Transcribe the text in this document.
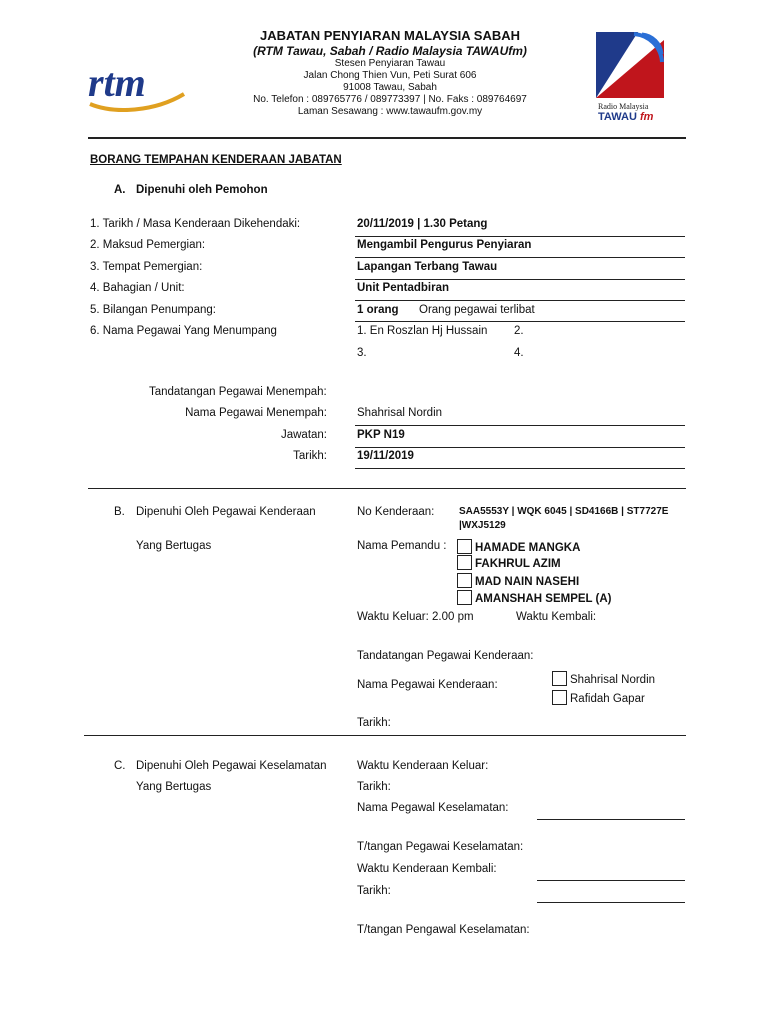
rtm
JABATAN PENYIARAN MALAYSIA SABAH
(RTM Tawau, Sabah / Radio Malaysia TAWAUfm)
Stesen Penyiaran Tawau
Jalan Chong Thien Vun, Peti Surat 606
91008 Tawau, Sabah
No. Telefon : 089765776 / 089773397 | No. Faks : 089764697
Laman Sesawang : www.tawaufm.gov.my	Radio Malaysia
TAWAU fm
BORANG TEMPAHAN KENDERAAN JABATAN
A. Dipenuhi oleh Pemohon
1. Tarikh / Masa Kenderaan Dikehendaki:	20/11/2019 | 1.30 Petang
2. Maksud Pemergian:	Mengambil Pengurus Penyiaran
3. Tempat Pemergian:	Lapangan Terbang Tawau
4. Bahagian / Unit:	Unit Pentadbiran
5. Bilangan Penumpang:	1 orang Orang pegawai terlibat
6. Nama Pegawai Yang Menumpang	1. En Roszlan Hj Hussain 2.
3.	4.
Tandatangan Pegawai Menempah:
Nama Pegawai Menempah:	Shahrisal Nordin
Jawatan:	PKP N19
Tarikh:	19/11/2019
B. Dipenuhi Oleh Pegawai Kenderaan
Yang Bertugas
No Kenderaan: SAA5553Y | WQK 6045 | SD4166B | ST7727E
|WXJ5129
Nama Pemandu :	HAMADE MANGKA
FAKHRUL AZIM
MAD NAIN NASEHI
AMANSHAH SEMPEL (A)
Waktu Keluar: 2.00 pm	Waktu Kembali:
Tandatangan Pegawai Kenderaan:
Nama Pegawai Kenderaan:	Shahrisal Nordin
Rafidah Gapar
Tarikh:
C. Dipenuhi Oleh Pegawai Keselamatan
Yang Bertugas
Waktu Kenderaan Keluar:
Tarikh:
Nama Pegawal Keselamatan:
T/tangan Pegawai Keselamatan:
Waktu Kenderaan Kembali:
Tarikh:
T/tangan Pengawal Keselamatan:
